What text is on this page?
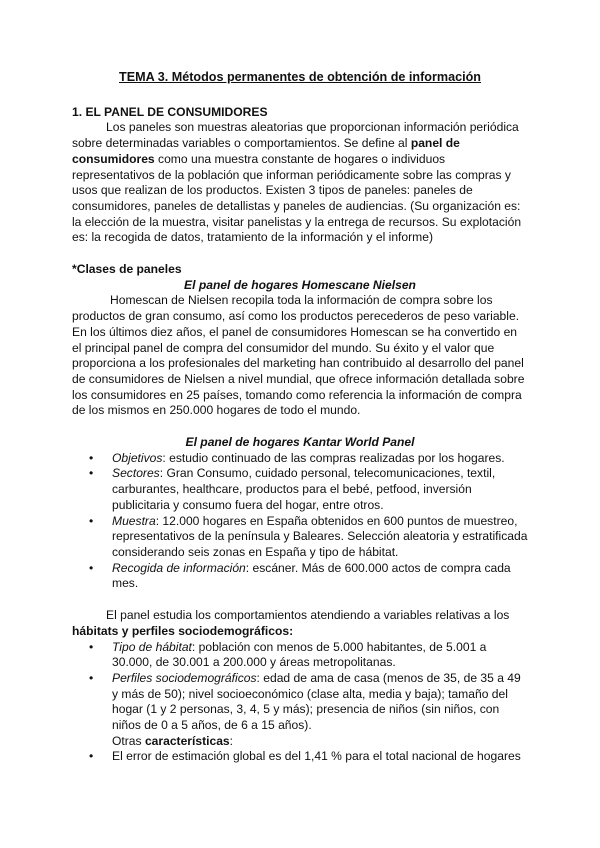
TEMA 3. Métodos permanentes de obtención de información

1. EL PANEL DE CONSUMIDORES

Los paneles son muestras aleatorias que proporcionan información periódica sobre determinadas variables o comportamientos. Se define al panel de consumidores como una muestra constante de hogares o individuos representativos de la población que informan periódicamente sobre las compras y usos que realizan de los productos. Existen 3 tipos de paneles: paneles de consumidores, paneles de detallistas y paneles de audiencias. (Su organización es: la elección de la muestra, visitar panelistas y la entrega de recursos. Su explotación es: la recogida de datos, tratamiento de la información y el informe)

*Clases de paneles

El panel de hogares Homescane Nielsen

Homescan de Nielsen recopila toda la información de compra sobre los productos de gran consumo, así como los productos perecederos de peso variable. En los últimos diez años, el panel de consumidores Homescan se ha convertido en el principal panel de compra del consumidor del mundo. Su éxito y el valor que proporciona a los profesionales del marketing han contribuido al desarrollo del panel de consumidores de Nielsen a nivel mundial, que ofrece información detallada sobre los consumidores en 25 países, tomando como referencia la información de compra de los mismos en 250.000 hogares de todo el mundo.

El panel de hogares Kantar World Panel

• Objetivos: estudio continuado de las compras realizadas por los hogares.
• Sectores: Gran Consumo, cuidado personal, telecomunicaciones, textil, carburantes, healthcare, productos para el bebé, petfood, inversión publicitaria y consumo fuera del hogar, entre otros.
• Muestra: 12.000 hogares en España obtenidos en 600 puntos de muestreo, representativos de la península y Baleares. Selección aleatoria y estratificada considerando seis zonas en España y tipo de hábitat.
• Recogida de información: escáner. Más de 600.000 actos de compra cada mes.

El panel estudia los comportamientos atendiendo a variables relativas a los hábitats y perfiles sociodemográficos:

• Tipo de hábitat: población con menos de 5.000 habitantes, de 5.001 a 30.000, de 30.001 a 200.000 y áreas metropolitanas.
• Perfiles sociodemográficos: edad de ama de casa (menos de 35, de 35 a 49 y más de 50); nivel socioeconómico (clase alta, media y baja); tamaño del hogar (1 y 2 personas, 3, 4, 5 y más); presencia de niños (sin niños, con niños de 0 a 5 años, de 6 a 15 años).

Otras características:

• El error de estimación global es del 1,41 % para el total nacional de hogares
